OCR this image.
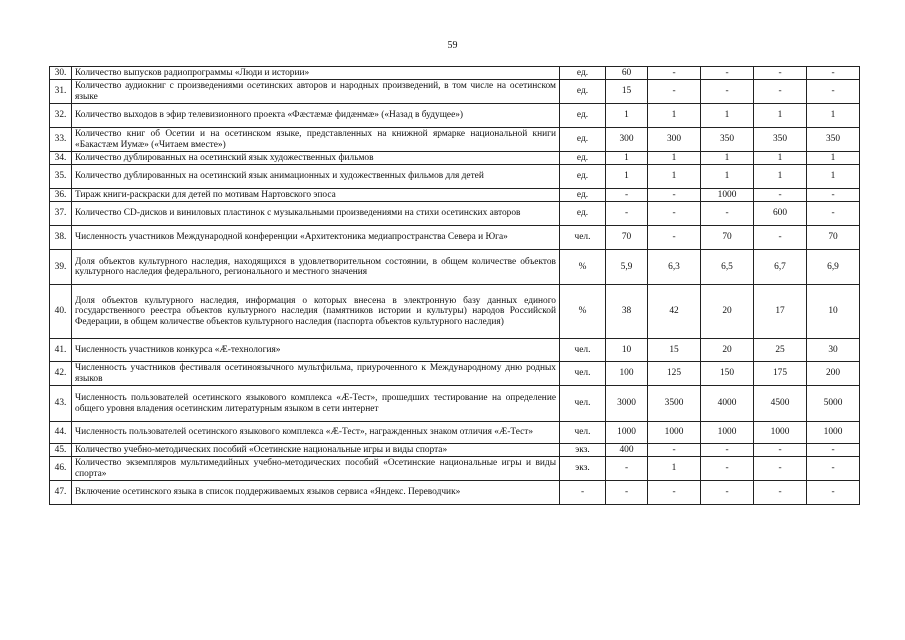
59
30.	Количество выпусков радиопрограммы «Люди и истории»	ед.	60	-	-	-	-
31.	Количество аудиокниг с произведениями осетинских авторов и народных произведений, в том числе на осетинском языке	ед.	15	-	-	-	-
32.	Количество выходов в эфир телевизионного проекта «Фæстæмæ фидæнмæ» («Назад в будущее»)	ед.	1	1	1	1	1
33.	Количество книг об Осетии и на осетинском языке, представленных на книжной ярмарке национальной книги «Бакастæм Иумæ» («Читаем вместе»)	ед.	300	300	350	350	350
34.	Количество дублированных на осетинский язык художественных фильмов	ед.	1	1	1	1	1
35.	Количество дублированных на осетинский язык анимационных и художественных фильмов для детей	ед.	1	1	1	1	1
36.	Тираж книги-раскраски для детей по мотивам Нартовского эпоса	ед.	-	-	1000	-	-
37.	Количество CD-дисков и виниловых пластинок с музыкальными произведениями на стихи осетинских авторов	ед.	-	-	-	600	-
38.	Численность участников Международной конференции «Архитектоника медиапространства Севера и Юга»	чел.	70	-	70	-	70
39.	Доля объектов культурного наследия, находящихся в удовлетворительном состоянии, в общем количестве объектов культурного наследия федерального, регионального и местного значения	%	5,9	6,3	6,5	6,7	6,9
40.	Доля объектов культурного наследия, информация о которых внесена в электронную базу данных единого государственного реестра объектов культурного наследия (памятников истории и культуры) народов Российской Федерации, в общем количестве объектов культурного наследия (паспорта объектов культурного наследия)	%	38	42	20	17	10
41.	Численность участников конкурса «Æ-технология»	чел.	10	15	20	25	30
42.	Численность участников фестиваля осетиноязычного мультфильма, приуроченного к Международному дню родных языков	чел.	100	125	150	175	200
43.	Численность пользователей осетинского языкового комплекса «Æ-Тест», прошедших тестирование на определение общего уровня владения осетинским литературным языком в сети интернет	чел.	3000	3500	4000	4500	5000
44.	Численность пользователей осетинского языкового комплекса «Æ-Тест», награжденных знаком отличия «Æ-Тест»	чел.	1000	1000	1000	1000	1000
45.	Количество учебно-методических пособий «Осетинские национальные игры и виды спорта»	экз.	400	-	-	-	-
46.	Количество экземпляров мультимедийных учебно-методических пособий «Осетинские национальные игры и виды спорта»	экз.	-	1	-	-	-
47.	Включение осетинского языка в список поддерживаемых языков сервиса «Яндекс. Переводчик»	-	-	-	-	-	-
